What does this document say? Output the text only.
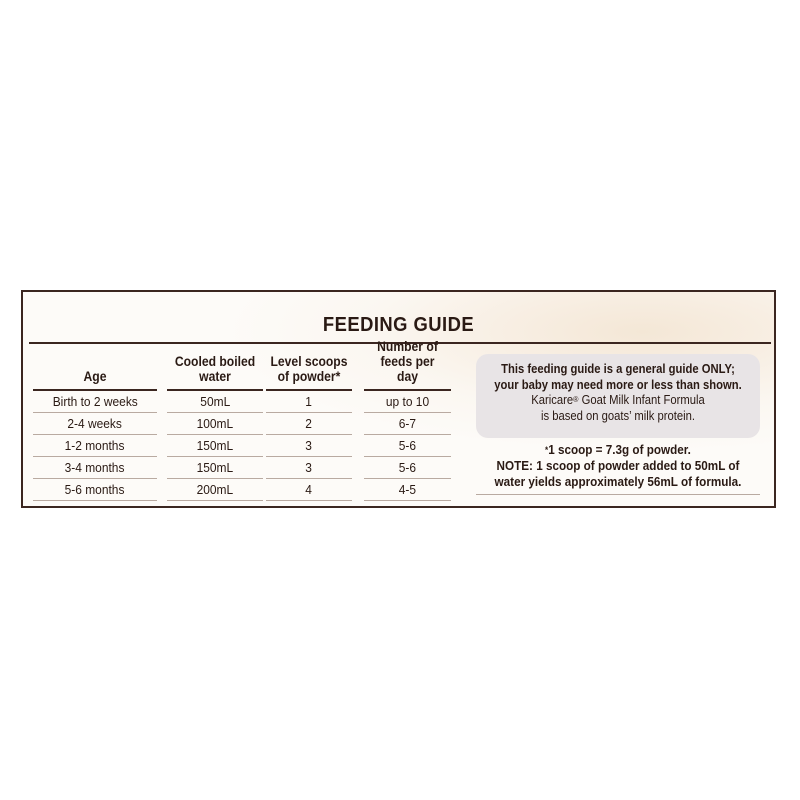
FEEDING GUIDE
Age
Birth to 2 weeks
2-4 weeks
1-2 months
3-4 months
5-6 months
Cooled boiled
water
50mL
100mL
150mL
150mL
200mL
Level scoops
of powder*
1
2
3
3
4
Number of
feeds per day
up to 10
6-7
5-6
5-6
4-5
This feeding guide is a general guide ONLY;
your baby may need more or less than shown.
Karicare® Goat Milk Infant Formula
is based on goats’ milk protein.
*1 scoop = 7.3g of powder.
NOTE: 1 scoop of powder added to 50mL of
water yields approximately 56mL of formula.
